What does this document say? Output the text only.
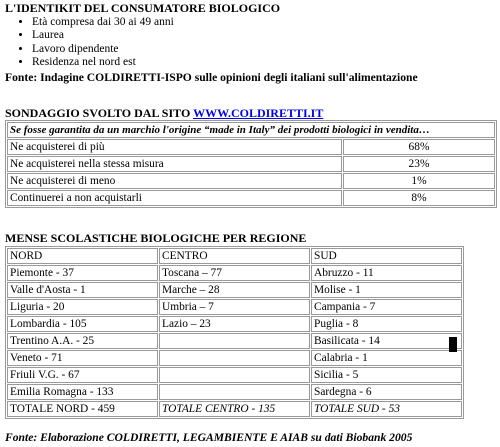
L'IDENTIKIT DEL CONSUMATORE BIOLOGICO
• Età compresa dai 30 ai 49 anni
• Laurea
• Lavoro dipendente
• Residenza nel nord est
Fonte: Indagine COLDIRETTI-ISPO sulle opinioni degli italiani sull'alimentazione
SONDAGGIO SVOLTO DAL SITO WWW.COLDIRETTI.IT
Se fosse garantita da un marchio l'origine “made in Italy” dei prodotti biologici in vendita…	
Ne acquisterei di più	68%
Ne acquisterei nella stessa misura	23%
Ne acquisterei di meno	1%
Continuerei a non acquistarli	8%
MENSE SCOLASTICHE BIOLOGICHE PER REGIONE
NORD	CENTRO	SUD
Piemonte - 37	Toscana – 77	Abruzzo - 11
Valle d'Aosta - 1	Marche – 28	Molise - 1
Liguria - 20	Umbria – 7	Campania - 7
Lombardia - 105	Lazio – 23	Puglia - 8
Trentino A.A. - 25		Basilicata - 14
Veneto - 71		Calabria - 1
Friuli V.G. - 67		Sicilia - 5
Emilia Romagna - 133		Sardegna - 6
TOTALE NORD - 459	TOTALE CENTRO - 135	TOTALE SUD - 53
Fonte: Elaborazione COLDIRETTI, LEGAMBIENTE E AIAB su dati Biobank 2005
